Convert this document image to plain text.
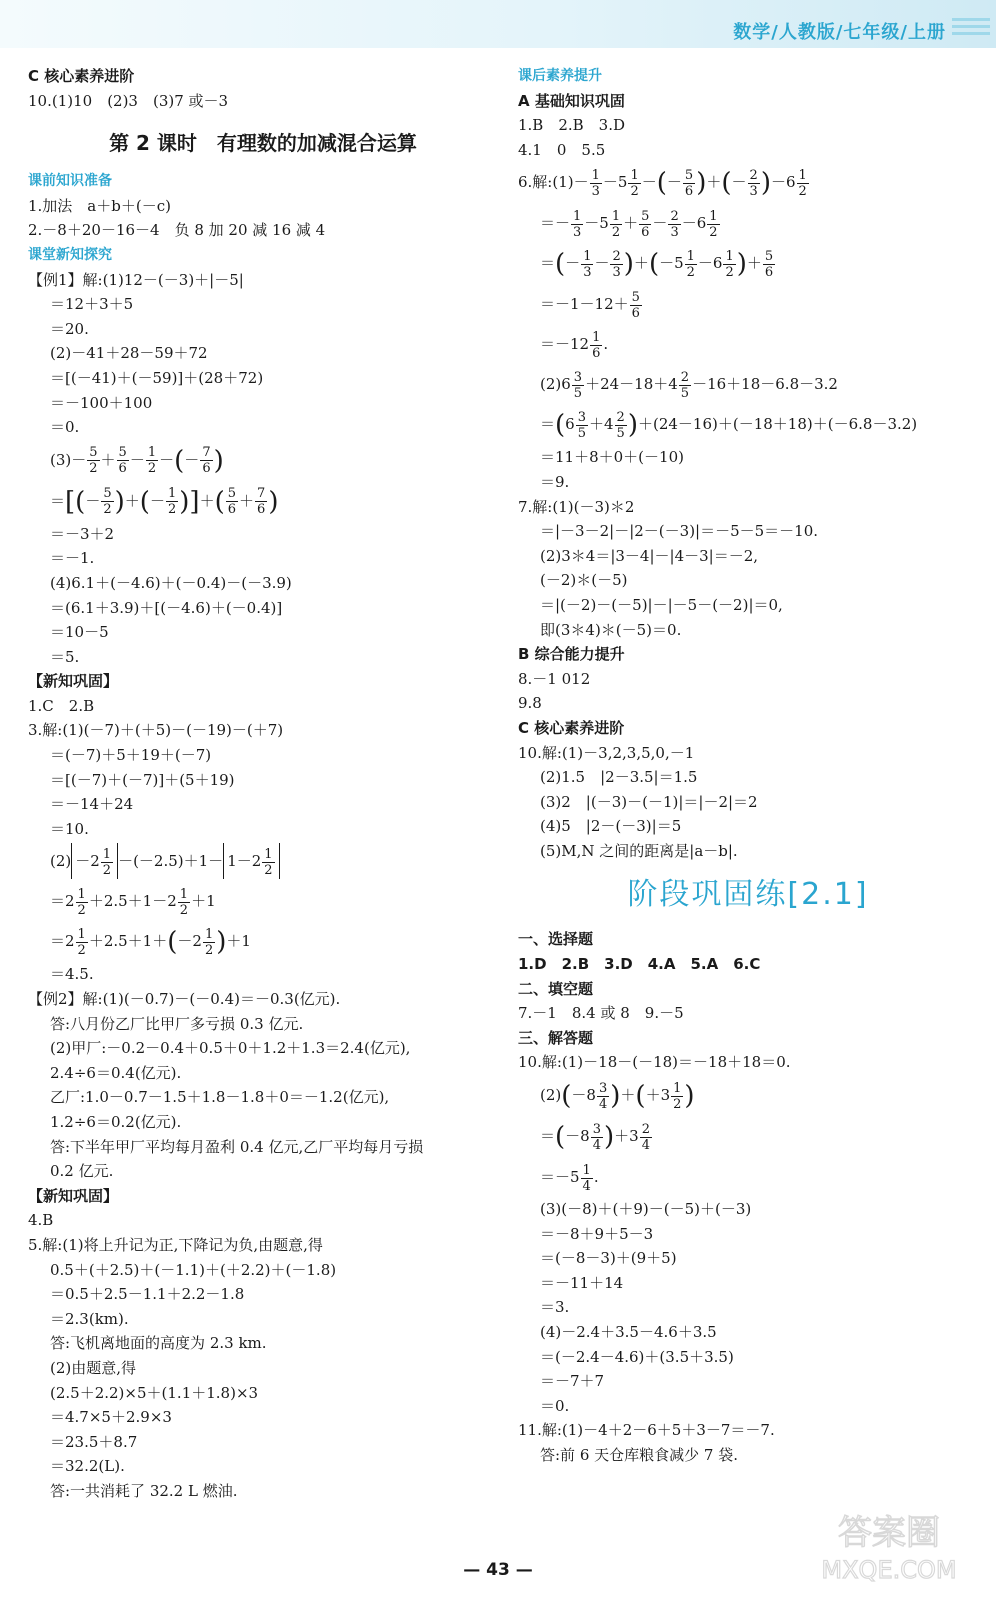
数学/人教版/七年级/上册
C 核心素养进阶
10.(1)10　(2)3　(3)7 或－3
第 2 课时　有理数的加减混合运算
课前知识准备
1.加法　a＋b＋(－c)
2.－8＋20－16－4　负 8 加 20 减 16 减 4
课堂新知探究
【例1】解:(1)12－(－3)＋|－5|
＝12＋3＋5
＝20.
(2)－41＋28－59＋72
＝[(－41)＋(－59)]＋(28＋72)
＝－100＋100
＝0.
$(3)- \frac{5}{2} + \frac{5}{6} - \frac{1}{2}$ －(－ $\frac{7}{6}$ )
＝[(－ $\frac{5}{2}$ )＋(－ $\frac{1}{2}$ )]＋( $\frac{5}{6} + \frac{7}{6}$ )
＝－3＋2
＝－1.
(4)6.1＋(－4.6)＋(－0.4)－(－3.9)
＝(6.1＋3.9)＋[(－4.6)＋(－0.4)]
＝10－5
＝5.
【新知巩固】
1.C　2.B
3.解:(1)(－7)＋(＋5)－(－19)－(＋7)
＝(－7)＋5＋19＋(－7)
＝[(－7)＋(－7)]＋(5＋19)
＝－14＋24
＝10.
$(2) -2 \frac{1}{2} -(-2.5)+1- 1-2 \frac{1}{2}$
$=2 \frac{1}{2} +2.5+1-2 \frac{1}{2} +1$
$=2 \frac{1}{2} +2.5+1+(-2 \frac{1}{2} )+1$
＝4.5.
【例2】解:(1)(－0.7)－(－0.4)＝－0.3(亿元).
答:八月份乙厂比甲厂多亏损 0.3 亿元.
(2)甲厂:－0.2－0.4＋0.5＋0＋1.2＋1.3＝2.4(亿元),
2.4÷6＝0.4(亿元).
乙厂:1.0－0.7－1.5＋1.8－1.8＋0＝－1.2(亿元),
1.2÷6＝0.2(亿元).
答:下半年甲厂平均每月盈利 0.4 亿元,乙厂平均每月亏损
0.2 亿元.
【新知巩固】
4.B
5.解:(1)将上升记为正,下降记为负,由题意,得
0.5＋(＋2.5)＋(－1.1)＋(＋2.2)＋(－1.8)
＝0.5＋2.5－1.1＋2.2－1.8
＝2.3(km).
答:飞机离地面的高度为 2.3 km.
(2)由题意,得
(2.5＋2.2)×5＋(1.1＋1.8)×3
＝4.7×5＋2.9×3
＝23.5＋8.7
＝32.2(L).
答:一共消耗了 32.2 L 燃油.
课后素养提升
A 基础知识巩固
1.B　2.B　3.D
4.1　0　5.5
6.解:(1)－ $\frac{1}{3} -5 \frac{1}{2}$ －(－ $\frac{5}{6}$ )＋(－ $\frac{2}{3} )-6 \frac{1}{2}$
＝－ $\frac{1}{3} -5 \frac{1}{2} + \frac{5}{6} - \frac{2}{3} -6 \frac{1}{2}$
＝(－ $\frac{1}{3} - \frac{2}{3} )+(-5 \frac{1}{2} -6 \frac{1}{2}$ )＋ $\frac{5}{6}$
$=-1-12+ \frac{5}{6}$
$=-12 \frac{1}{6}$ .
$(2)6 \frac{3}{5} +24-18+4 \frac{2}{5} -16+18-6.8-3.2$
$=(6 \frac{3}{5} +4 \frac{2}{5} )+(24-16)+(-18+18)+(-6.8-3.2)$
＝11＋8＋0＋(－10)
＝9.
7.解:(1)(－3)＊2
＝|－3－2|－|2－(－3)|＝－5－5＝－10.
(2)3＊4＝|3－4|－|4－3|＝－2,
(－2)＊(－5)
＝|(－2)－(－5)|－|－5－(－2)|＝0,
即(3＊4)＊(－5)＝0.
B 综合能力提升
8.－1 012
9.8
C 核心素养进阶
10.解:(1)－3,2,3,5,0,－1
(2)1.5　|2－3.5|＝1.5
(3)2　|(－3)－(－1)|＝|－2|＝2
(4)5　|2－(－3)|＝5
(5)M,N 之间的距离是|a－b|.
阶段巩固练[2.1]
一、选择题
1.D　2.B　3.D　4.A　5.A　6.C
二、填空题
7.－1　8.4 或 8　9.－5
三、解答题
10.解:(1)－18－(－18)＝－18＋18＝0.
$(2)(-8 \frac{3}{4} )+(+3 \frac{1}{2}$ )
$=(-8 \frac{3}{4} )+3 \frac{2}{4}$
$=-5 \frac{1}{4}$ .
(3)(－8)＋(＋9)－(－5)＋(－3)
＝－8＋9＋5－3
＝(－8－3)＋(9＋5)
＝－11＋14
＝3.
(4)－2.4＋3.5－4.6＋3.5
＝(－2.4－4.6)＋(3.5＋3.5)
＝－7＋7
＝0.
11.解:(1)－4＋2－6＋5＋3－7＝－7.
答:前 6 天仓库粮食减少 7 袋.
— 43 —
答案圈
MXQE.COM
